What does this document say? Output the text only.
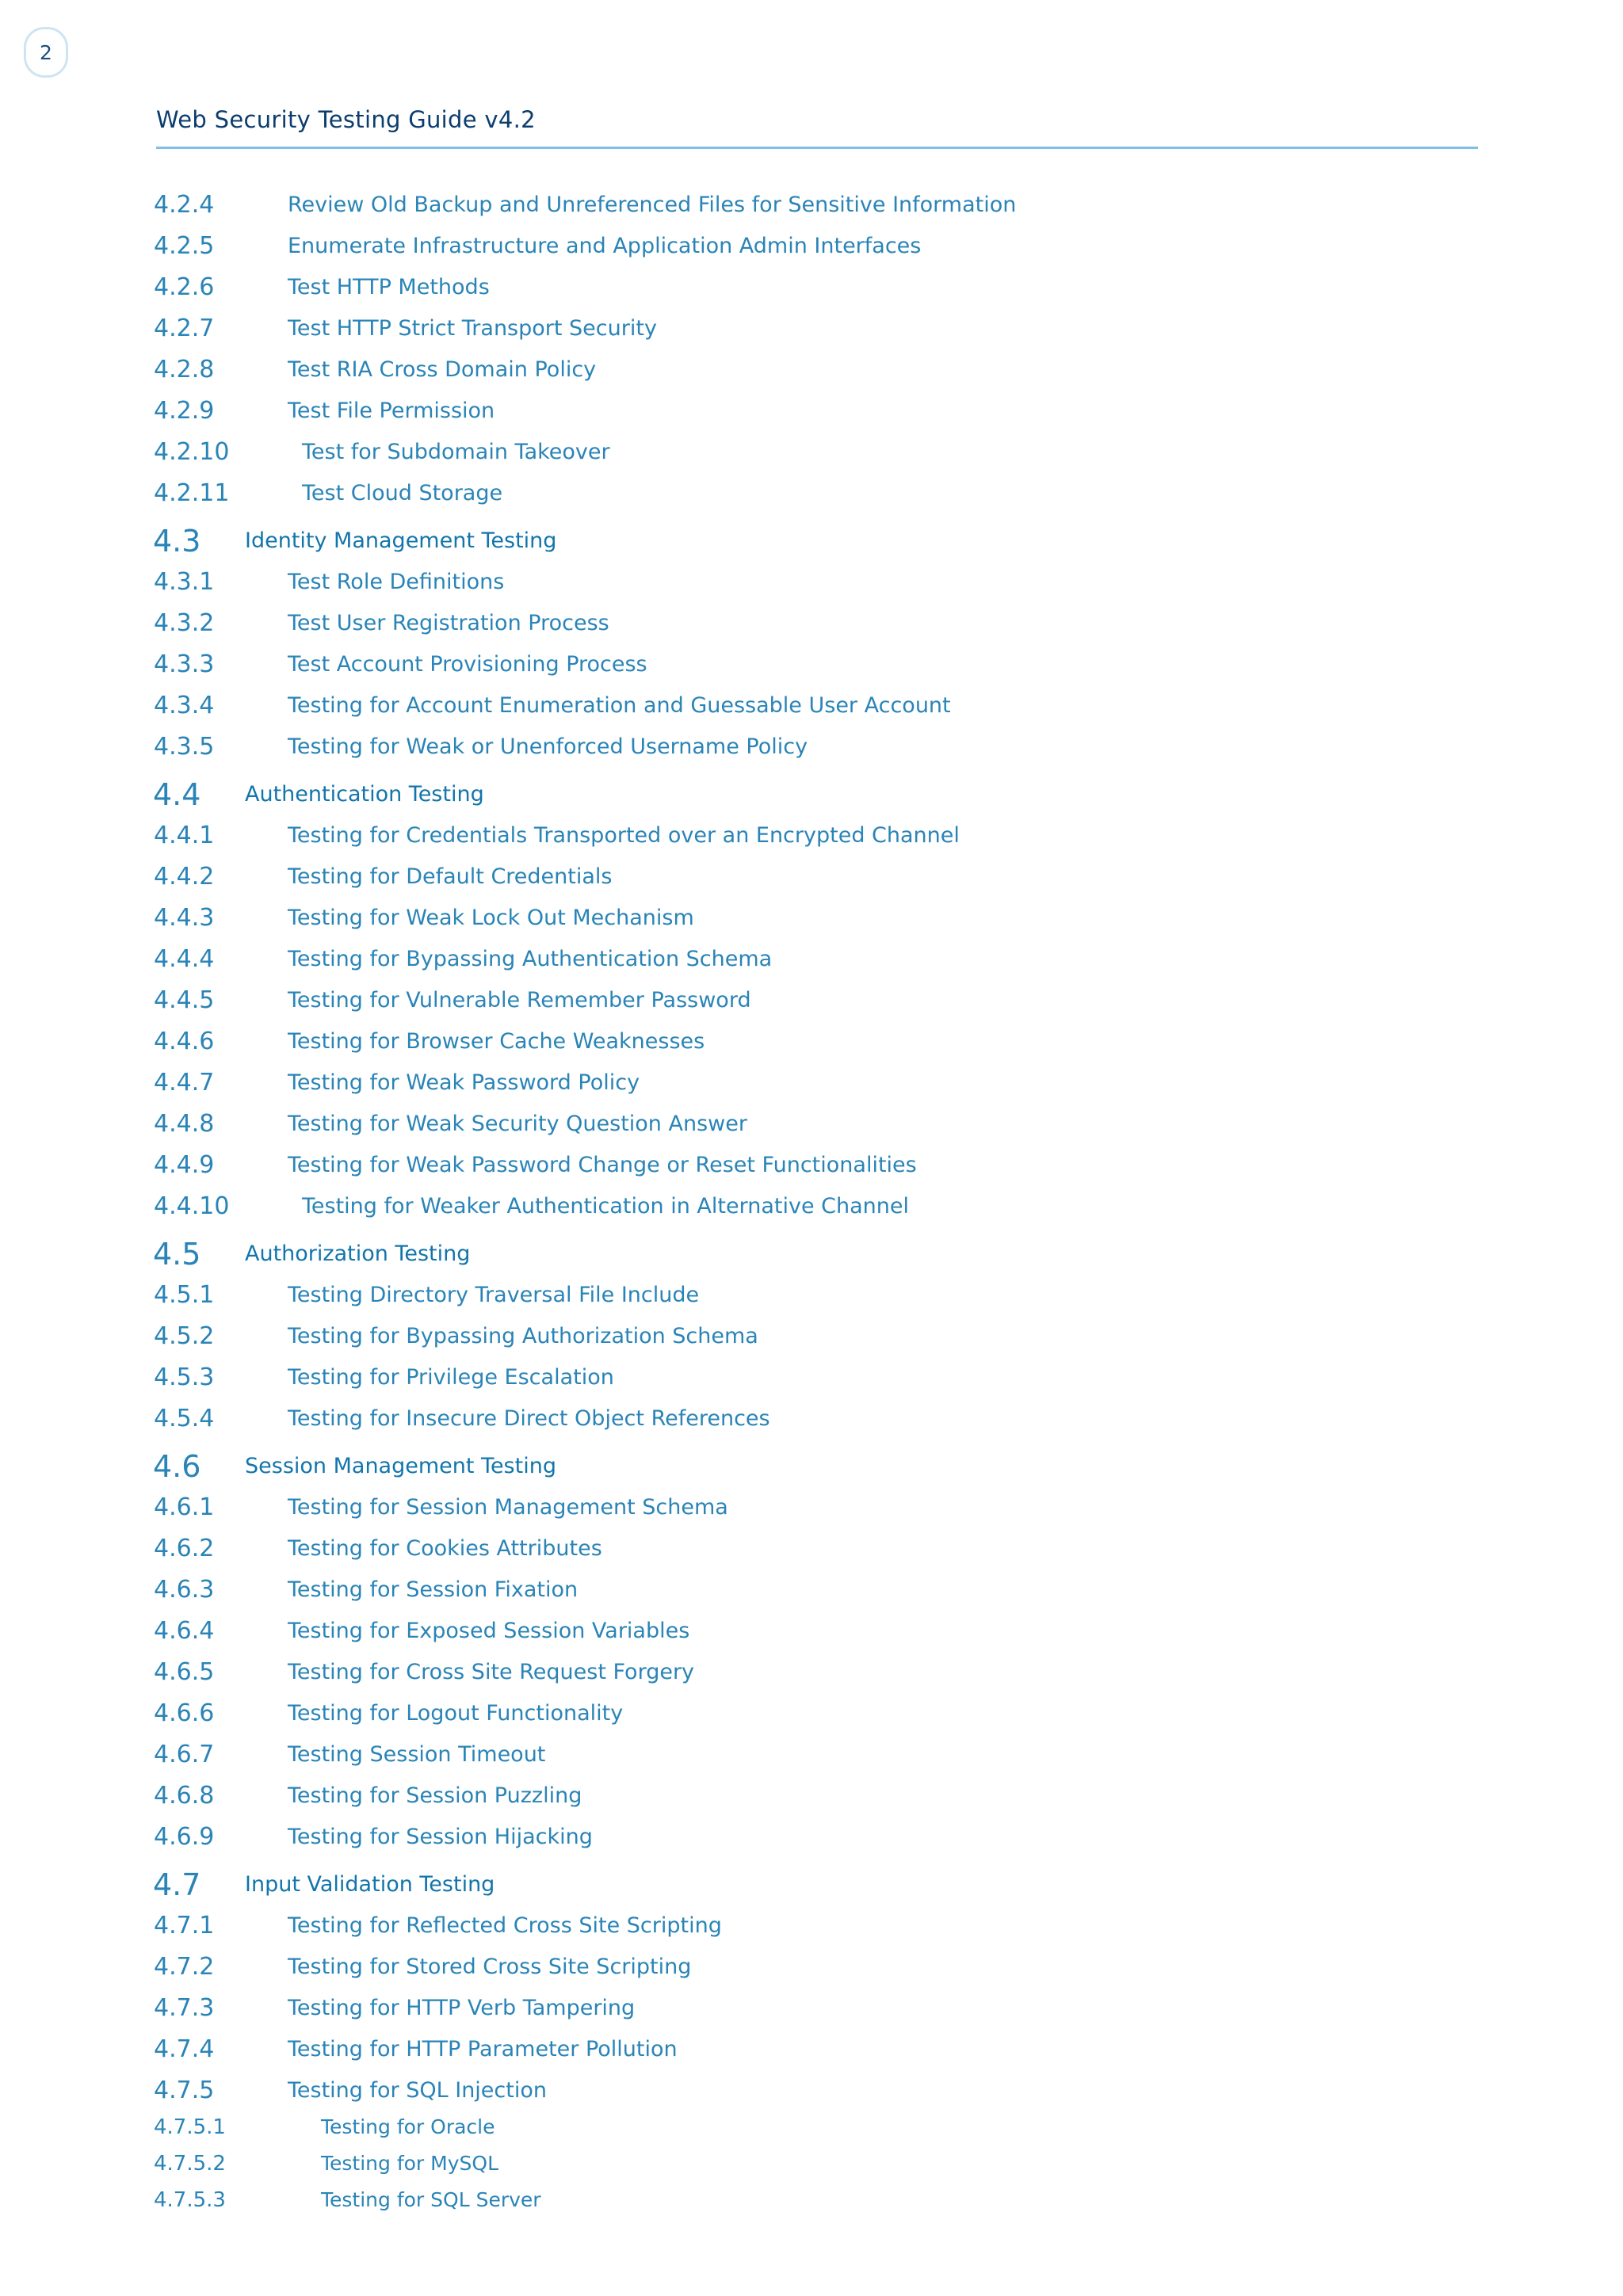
2
Web Security Testing Guide v4.2
4.2.4	Review Old Backup and Unreferenced Files for Sensitive Information
4.2.5	Enumerate Infrastructure and Application Admin Interfaces
4.2.6	Test HTTP Methods
4.2.7	Test HTTP Strict Transport Security
4.2.8	Test RIA Cross Domain Policy
4.2.9	Test File Permission
4.2.10	Test for Subdomain Takeover
4.2.11	Test Cloud Storage
4.3 Identity Management Testing
4.3.1	Test Role Definitions
4.3.2	Test User Registration Process
4.3.3	Test Account Provisioning Process
4.3.4	Testing for Account Enumeration and Guessable User Account
4.3.5	Testing for Weak or Unenforced Username Policy
4.4 Authentication Testing
4.4.1	Testing for Credentials Transported over an Encrypted Channel
4.4.2	Testing for Default Credentials
4.4.3	Testing for Weak Lock Out Mechanism
4.4.4	Testing for Bypassing Authentication Schema
4.4.5	Testing for Vulnerable Remember Password
4.4.6	Testing for Browser Cache Weaknesses
4.4.7	Testing for Weak Password Policy
4.4.8	Testing for Weak Security Question Answer
4.4.9	Testing for Weak Password Change or Reset Functionalities
4.4.10	Testing for Weaker Authentication in Alternative Channel
4.5 Authorization Testing
4.5.1	Testing Directory Traversal File Include
4.5.2	Testing for Bypassing Authorization Schema
4.5.3	Testing for Privilege Escalation
4.5.4	Testing for Insecure Direct Object References
4.6 Session Management Testing
4.6.1	Testing for Session Management Schema
4.6.2	Testing for Cookies Attributes
4.6.3	Testing for Session Fixation
4.6.4	Testing for Exposed Session Variables
4.6.5	Testing for Cross Site Request Forgery
4.6.6	Testing for Logout Functionality
4.6.7	Testing Session Timeout
4.6.8	Testing for Session Puzzling
4.6.9	Testing for Session Hijacking
4.7 Input Validation Testing
4.7.1	Testing for Reflected Cross Site Scripting
4.7.2	Testing for Stored Cross Site Scripting
4.7.3	Testing for HTTP Verb Tampering
4.7.4	Testing for HTTP Parameter Pollution
4.7.5	Testing for SQL Injection
4.7.5.1	Testing for Oracle
4.7.5.2	Testing for MySQL
4.7.5.3	Testing for SQL Server
